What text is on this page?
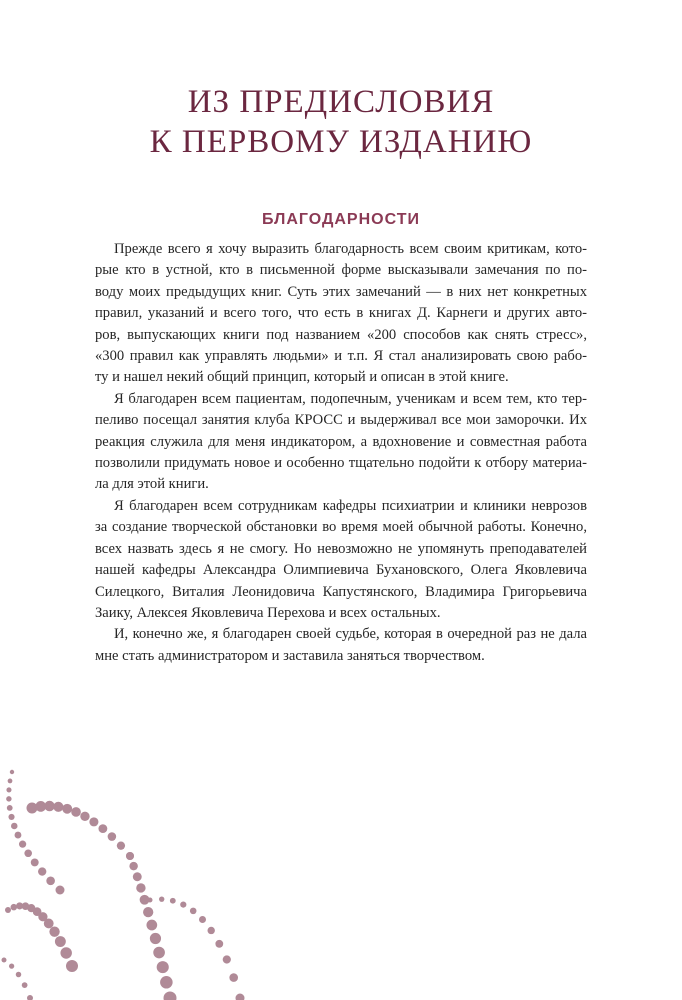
ИЗ ПРЕДИСЛОВИЯ
К ПЕРВОМУ ИЗДАНИЮ
БЛАГОДАРНОСТИ

Прежде всего я хочу выразить благодарность всем своим критикам, кото-
рые кто в устной, кто в письменной форме высказывали замечания по по-
воду моих предыдущих книг. Суть этих замечаний — в них нет конкретных
правил, указаний и всего того, что есть в книгах Д. Карнеги и других авто-
ров, выпускающих книги под названием «200 способов как снять стресс»,
«300 правил как управлять людьми» и т.п. Я стал анализировать свою рабо-
ту и нашел некий общий принцип, который и описан в этой книге.

Я благодарен всем пациентам, подопечным, ученикам и всем тем, кто тер-
пеливо посещал занятия клуба КРОСС и выдерживал все мои заморочки. Их
реакция служила для меня индикатором, а вдохновение и совместная работа
позволили придумать новое и особенно тщательно подойти к отбору материа-
ла для этой книги.

Я благодарен всем сотрудникам кафедры психиатрии и клиники неврозов
за создание творческой обстановки во время моей обычной работы. Конечно,
всех назвать здесь я не смогу. Но невозможно не упомянуть преподавателей
нашей кафедры Александра Олимпиевича Бухановского, Олега Яковлевича
Силецкого, Виталия Леонидовича Капустянского, Владимира Григорьевича
Заику, Алексея Яковлевича Перехова и всех остальных.

И, конечно же, я благодарен своей судьбе, которая в очередной раз не дала
мне стать администратором и заставила заняться творчеством.
